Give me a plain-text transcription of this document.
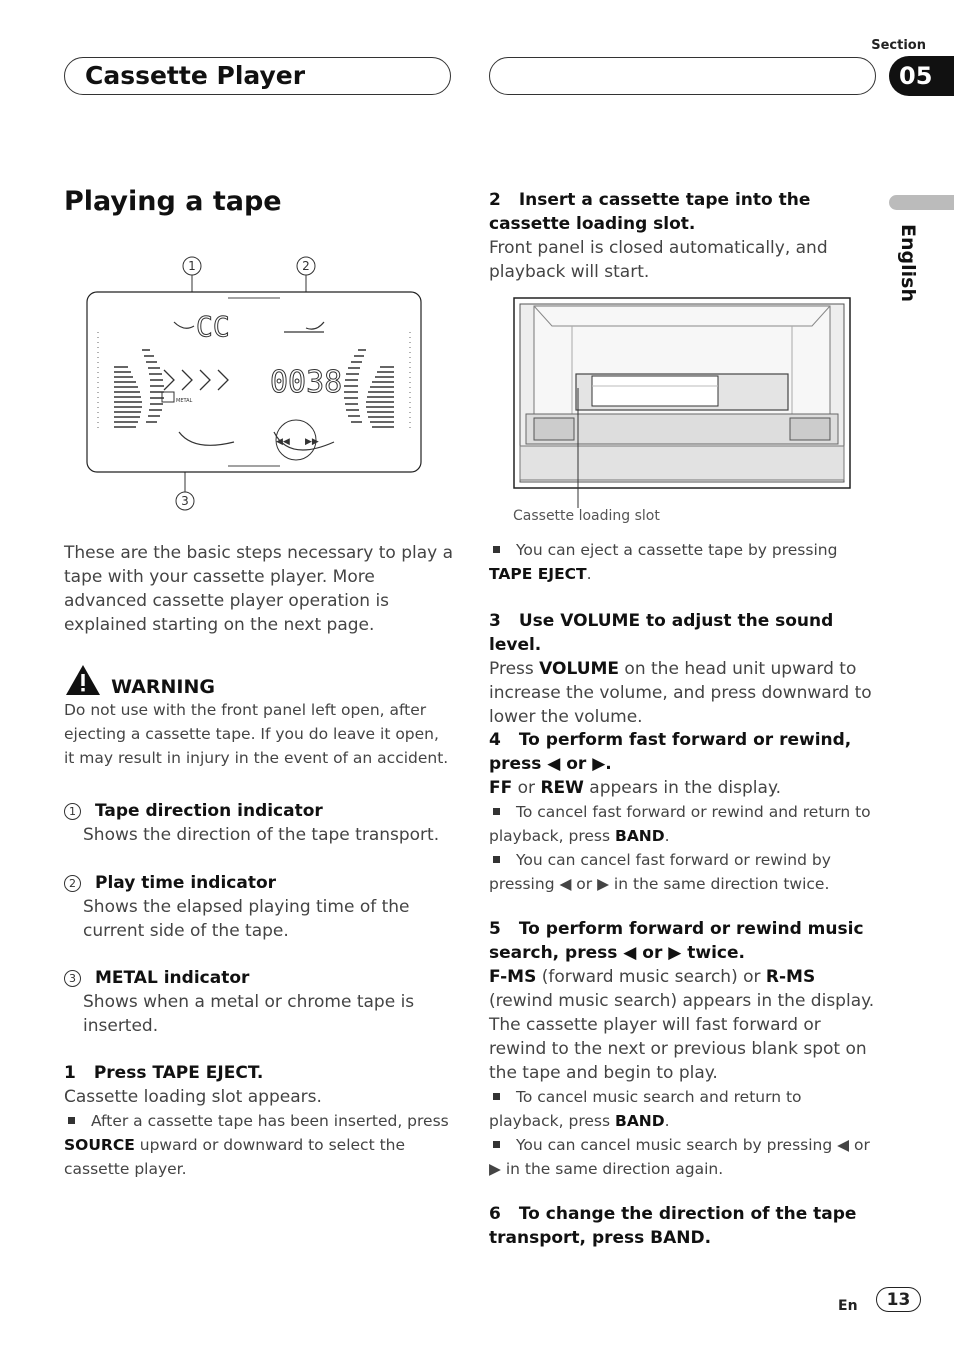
Cassette Player
Section
05
English
Playing a tape
1	2
3
CC
0038
METAL
◀◀ ▶▶
These are the basic steps necessary to play a tape with your cassette player. More advanced cassette player operation is explained starting on the next page.
WARNING
Do not use with the front panel left open, after ejecting a cassette tape. If you do leave it open, it may result in injury in the event of an accident.
1 Tape direction indicator
Shows the direction of the tape transport.
2 Play time indicator
Shows the elapsed playing time of the current side of the tape.
3 METAL indicator
Shows when a metal or chrome tape is inserted.
1 Press TAPE EJECT.
Cassette loading slot appears.
After a cassette tape has been inserted, press SOURCE upward or downward to select the cassette player.
2 Insert a cassette tape into the cassette loading slot.
Front panel is closed automatically, and playback will start.
Cassette loading slot
You can eject a cassette tape by pressing TAPE EJECT.
3 Use VOLUME to adjust the sound level.
Press VOLUME on the head unit upward to increase the volume, and press downward to lower the volume.
4 To perform fast forward or rewind, press ◀ or ▶.
FF or REW appears in the display.
To cancel fast forward or rewind and return to playback, press BAND.
You can cancel fast forward or rewind by pressing ◀ or ▶ in the same direction twice.
5 To perform forward or rewind music search, press ◀ or ▶ twice.
F-MS (forward music search) or R-MS (rewind music search) appears in the display. The cassette player will fast forward or rewind to the next or previous blank spot on the tape and begin to play.
To cancel music search and return to playback, press BAND.
You can cancel music search by pressing ◀ or ▶ in the same direction again.
6 To change the direction of the tape transport, press BAND.
En	13
